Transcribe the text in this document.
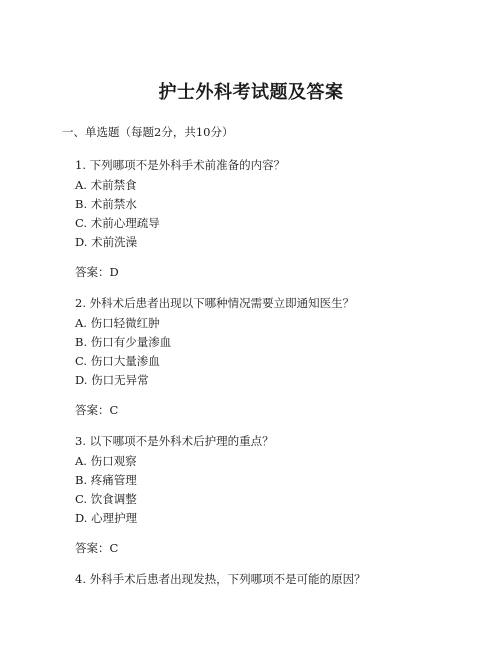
护士外科考试题及答案
一、单选题（每题2分，共10分）
1. 下列哪项不是外科手术前准备的内容？
A. 术前禁食
B. 术前禁水
C. 术前心理疏导
D. 术前洗澡
答案：D
2. 外科术后患者出现以下哪种情况需要立即通知医生？
A. 伤口轻微红肿
B. 伤口有少量渗血
C. 伤口大量渗血
D. 伤口无异常
答案：C
3. 以下哪项不是外科术后护理的重点？
A. 伤口观察
B. 疼痛管理
C. 饮食调整
D. 心理护理
答案：C
4. 外科手术后患者出现发热，下列哪项不是可能的原因？
